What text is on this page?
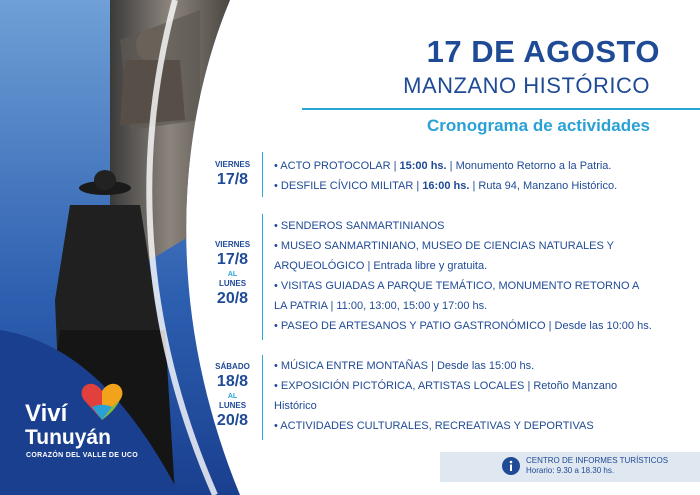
Viví
Tunuyán
CORAZÓN DEL VALLE DE UCO
17 DE AGOSTO
MANZANO HISTÓRICO
Cronograma de actividades
VIERNES
17/8
• ACTO PROTOCOLAR | 15:00 hs. | Monumento Retorno a la Patria.
• DESFILE CÍVICO MILITAR | 16:00 hs. | Ruta 94, Manzano Histórico.
VIERNES
17/8
AL
LUNES
20/8
• SENDEROS SANMARTINIANOS
• MUSEO SANMARTINIANO, MUSEO DE CIENCIAS NATURALES Y
ARQUEOLÓGICO | Entrada libre y gratuita.
• VISITAS GUIADAS A PARQUE TEMÁTICO, MONUMENTO RETORNO A
LA PATRIA | 11:00, 13:00, 15:00 y 17:00 hs.
• PASEO DE ARTESANOS Y PATIO GASTRONÓMICO | Desde las 10:00 hs.
SÁBADO
18/8
AL
LUNES
20/8
• MÚSICA ENTRE MONTAÑAS | Desde las 15:00 hs.
• EXPOSICIÓN PICTÓRICA, ARTISTAS LOCALES | Retoño Manzano
Histórico
• ACTIVIDADES CULTURALES, RECREATIVAS Y DEPORTIVAS
CENTRO DE INFORMES TURÍSTICOS
Horario: 9.30 a 18.30 hs.
